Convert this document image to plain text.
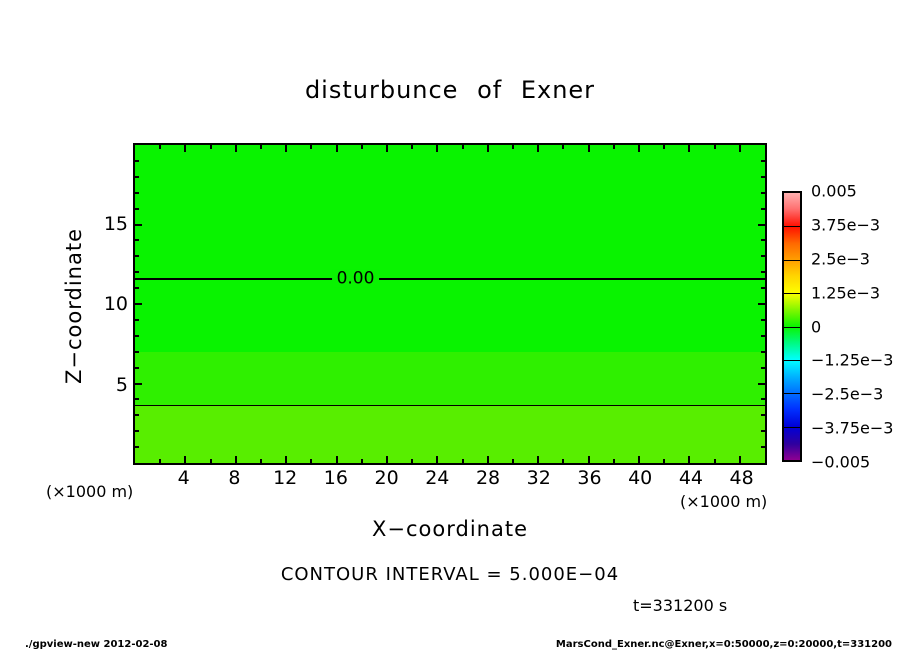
disturbunce of Exner
Z−coordinate
(×1000 m)
0.00
5
10
15
4 8 12 16 20 24 28 32 36 40 44 48
(×1000 m)
X−coordinate
CONTOUR INTERVAL = 5.000E−04
t=331200 s
0.005
3.75e−3
2.5e−3
1.25e−3
0
−1.25e−3
−2.5e−3
−3.75e−3
−0.005
./gpview-new 2012-02-08	MarsCond_Exner.nc@Exner,x=0:50000,z=0:20000,t=331200
